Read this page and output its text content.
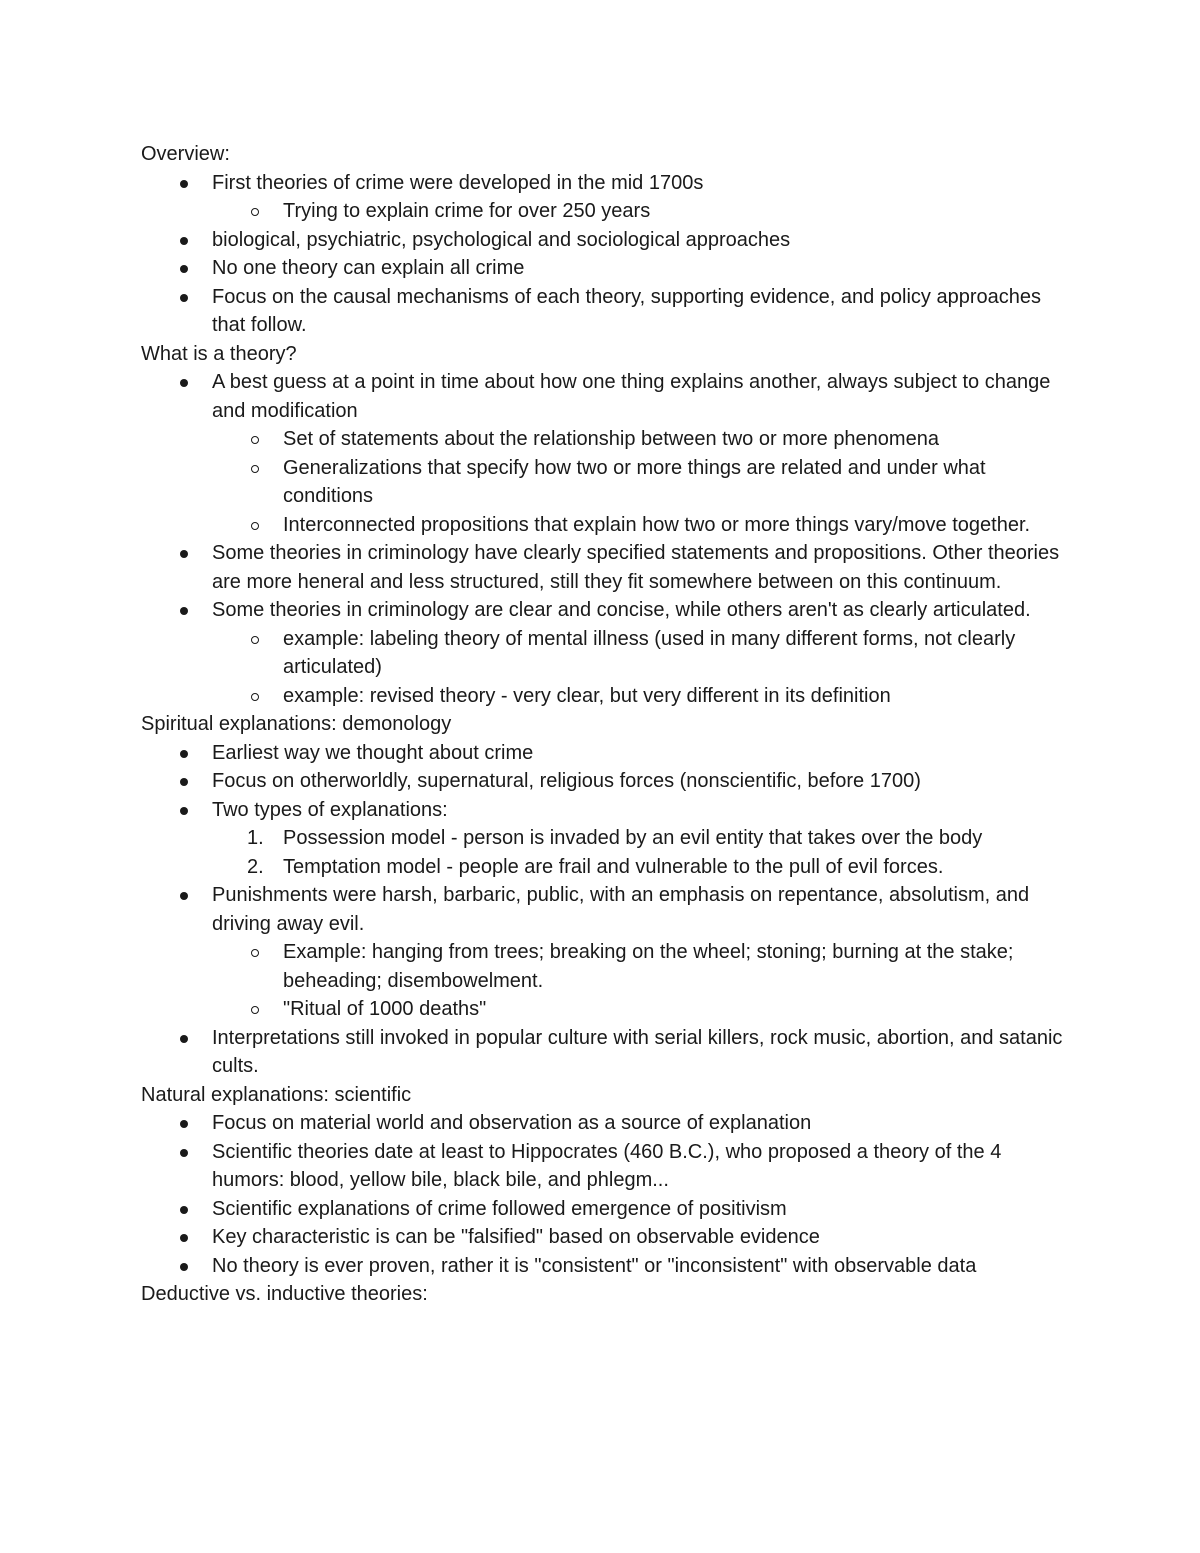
Overview:
First theories of crime were developed in the mid 1700s
Trying to explain crime for over 250 years
biological, psychiatric, psychological and sociological approaches
No one theory can explain all crime
Focus on the causal mechanisms of each theory, supporting evidence, and policy approaches that follow.
What is a theory?
A best guess at a point in time about how one thing explains another, always subject to change and modification
Set of statements about the relationship between two or more phenomena
Generalizations that specify how two or more things are related and under what conditions
Interconnected propositions that explain how two or more things vary/move together.
Some theories in criminology have clearly specified statements and propositions. Other theories are more heneral and less structured, still they fit somewhere between on this continuum.
Some theories in criminology are clear and concise, while others aren't as clearly articulated.
example: labeling theory of mental illness (used in many different forms, not clearly articulated)
example: revised theory - very clear, but very different in its definition
Spiritual explanations: demonology
Earliest way we thought about crime
Focus on otherworldly, supernatural, religious forces (nonscientific, before 1700)
Two types of explanations:
1. Possession model - person is invaded by an evil entity that takes over the body
2. Temptation model - people are frail and vulnerable to the pull of evil forces.
Punishments were harsh, barbaric, public, with an emphasis on repentance, absolutism, and driving away evil.
Example: hanging from trees; breaking on the wheel; stoning; burning at the stake; beheading; disembowelment.
"Ritual of 1000 deaths"
Interpretations still invoked in popular culture with serial killers, rock music, abortion, and satanic cults.
Natural explanations: scientific
Focus on material world and observation as a source of explanation
Scientific theories date at least to Hippocrates (460 B.C.), who proposed a theory of the 4 humors: blood, yellow bile, black bile, and phlegm...
Scientific explanations of crime followed emergence of positivism
Key characteristic is can be "falsified" based on observable evidence
No theory is ever proven, rather it is "consistent" or "inconsistent" with observable data
Deductive vs. inductive theories:
